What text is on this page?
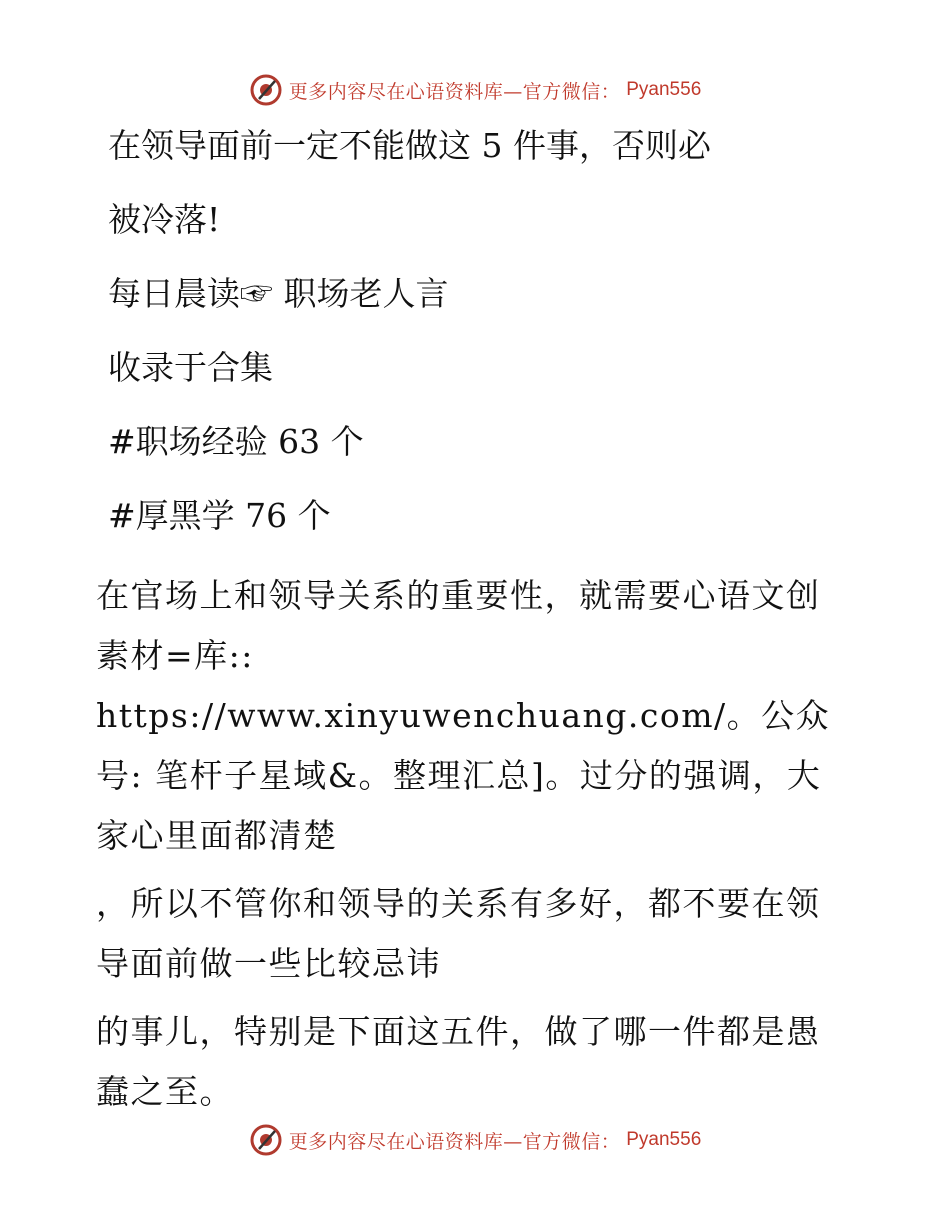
更多内容尽在心语资料库—官方微信： Pyan556

在领导面前一定不能做这 5 件事，否则必

被冷落!

每日晨读☞ 职场老人言

收录于合集

#职场经验 63 个

#厚黑学 76 个

在官场上和领导关系的重要性，就需要心语文创素材=库:: https://www.xinyuwenchuang.com/。公众号: 笔杆子星域&。整理汇总]。过分的强调，大家心里面都清楚

，所以不管你和领导的关系有多好，都不要在领导面前做一些比较忌讳

的事儿，特别是下面这五件，做了哪一件都是愚蠢之至。

更多内容尽在心语资料库—官方微信： Pyan556
